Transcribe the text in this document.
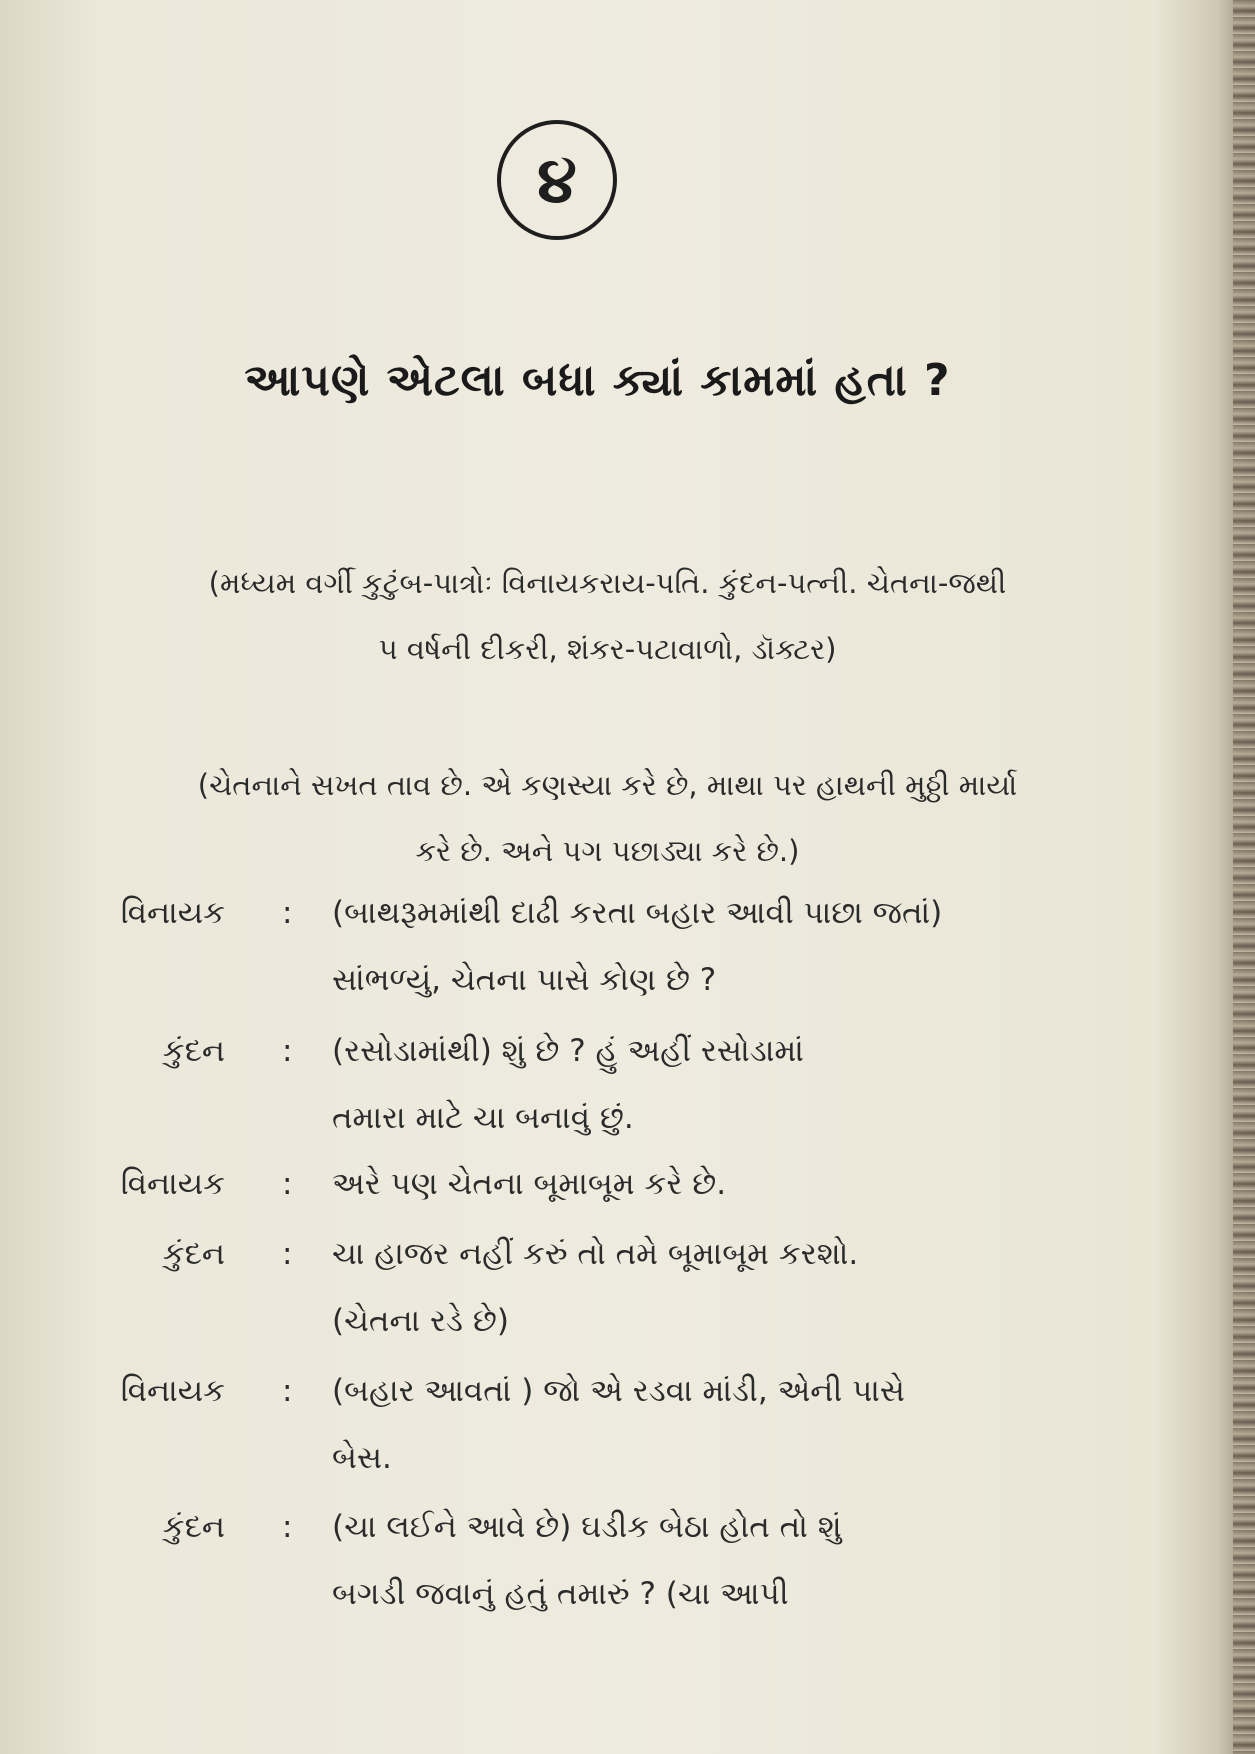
૪
આપણે એટલા બધા ક્યાં કામમાં હતા ?
(મધ્યમ વર્ગી કુટુંબ-પાત્રોઃ વિનાયકરાય-પતિ. કુંદન-પત્ની. ચેતના-જથી
૫ વર્ષની દીકરી, શંકર-પટાવાળો, ડૉક્ટર)
(ચેતનાને સખત તાવ છે. એ કણસ્યા કરે છે, માથા પર હાથની મુઠ્ઠી માર્યા
કરે છે. અને પગ પછાડ્યા કરે છે.)
વિનાયક : (બાથરૂમમાંથી દાઢી કરતા બહાર આવી પાછા જતાં)
સાંભળ્યું, ચેતના પાસે કોણ છે ?
કુંદન : (રસોડામાંથી) શું છે ? હું અહીં રસોડામાં
તમારા માટે ચા બનાવું છું.
વિનાયક : અરે પણ ચેતના બૂમાબૂમ કરે છે.
કુંદન : ચા હાજર નહીં કરું તો તમે બૂમાબૂમ કરશો.
(ચેતના રડે છે)
વિનાયક : (બહાર આવતાં ) જો એ રડવા માંડી, એની પાસે
બેસ.
કુંદન : (ચા લઈને આવે છે) ઘડીક બેઠા હોત તો શું
બગડી જવાનું હતું તમારું ? (ચા આપી
